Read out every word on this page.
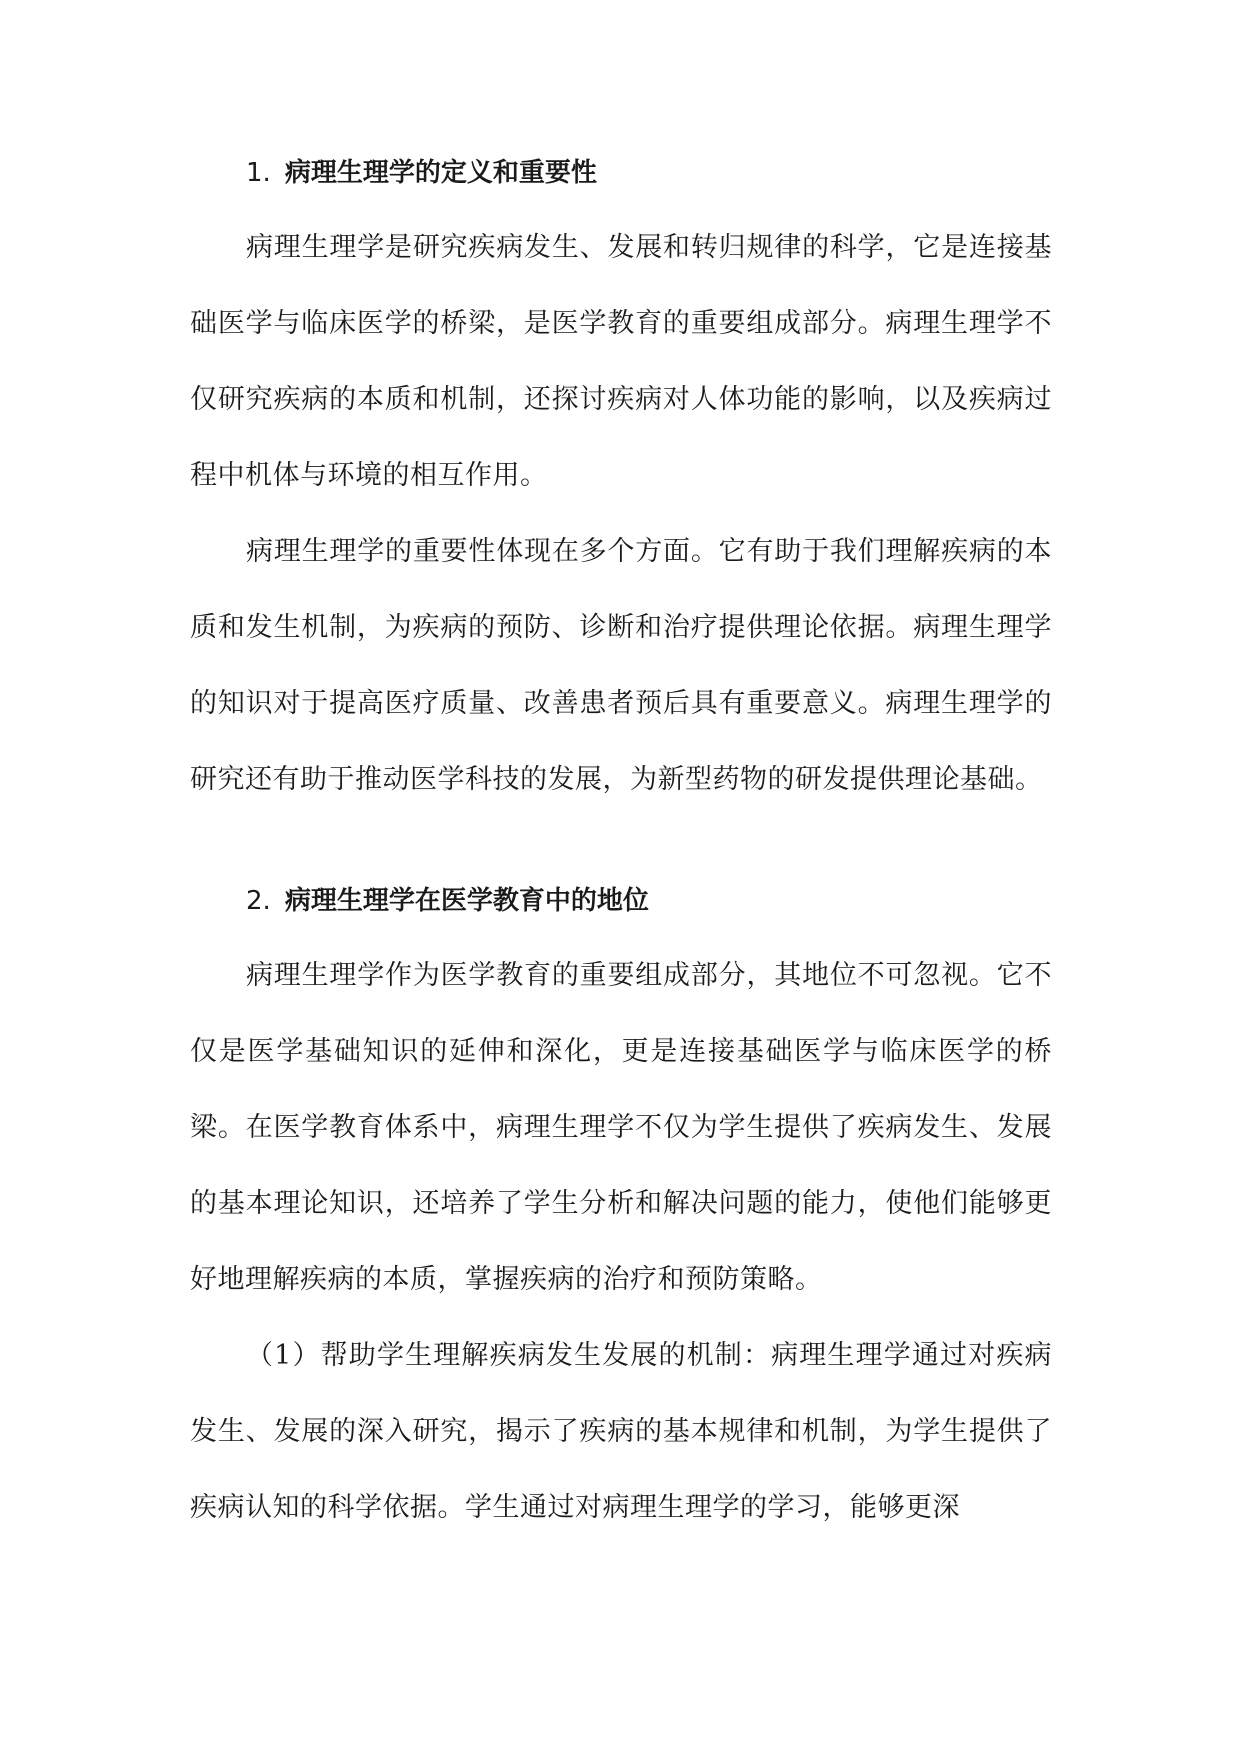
1. 病理生理学的定义和重要性

病理生理学是研究疾病发生、发展和转归规律的科学，它是连接基础医学与临床医学的桥梁，是医学教育的重要组成部分。病理生理学不仅研究疾病的本质和机制，还探讨疾病对人体功能的影响，以及疾病过程中机体与环境的相互作用。

病理生理学的重要性体现在多个方面。它有助于我们理解疾病的本质和发生机制，为疾病的预防、诊断和治疗提供理论依据。病理生理学的知识对于提高医疗质量、改善患者预后具有重要意义。病理生理学的研究还有助于推动医学科技的发展，为新型药物的研发提供理论基础。

2. 病理生理学在医学教育中的地位

病理生理学作为医学教育的重要组成部分，其地位不可忽视。它不仅是医学基础知识的延伸和深化，更是连接基础医学与临床医学的桥梁。在医学教育体系中，病理生理学不仅为学生提供了疾病发生、发展的基本理论知识，还培养了学生分析和解决问题的能力，使他们能够更好地理解疾病的本质，掌握疾病的治疗和预防策略。

（1）帮助学生理解疾病发生发展的机制：病理生理学通过对疾病发生、发展的深入研究，揭示了疾病的基本规律和机制，为学生提供了疾病认知的科学依据。学生通过对病理生理学的学习，能够更深
